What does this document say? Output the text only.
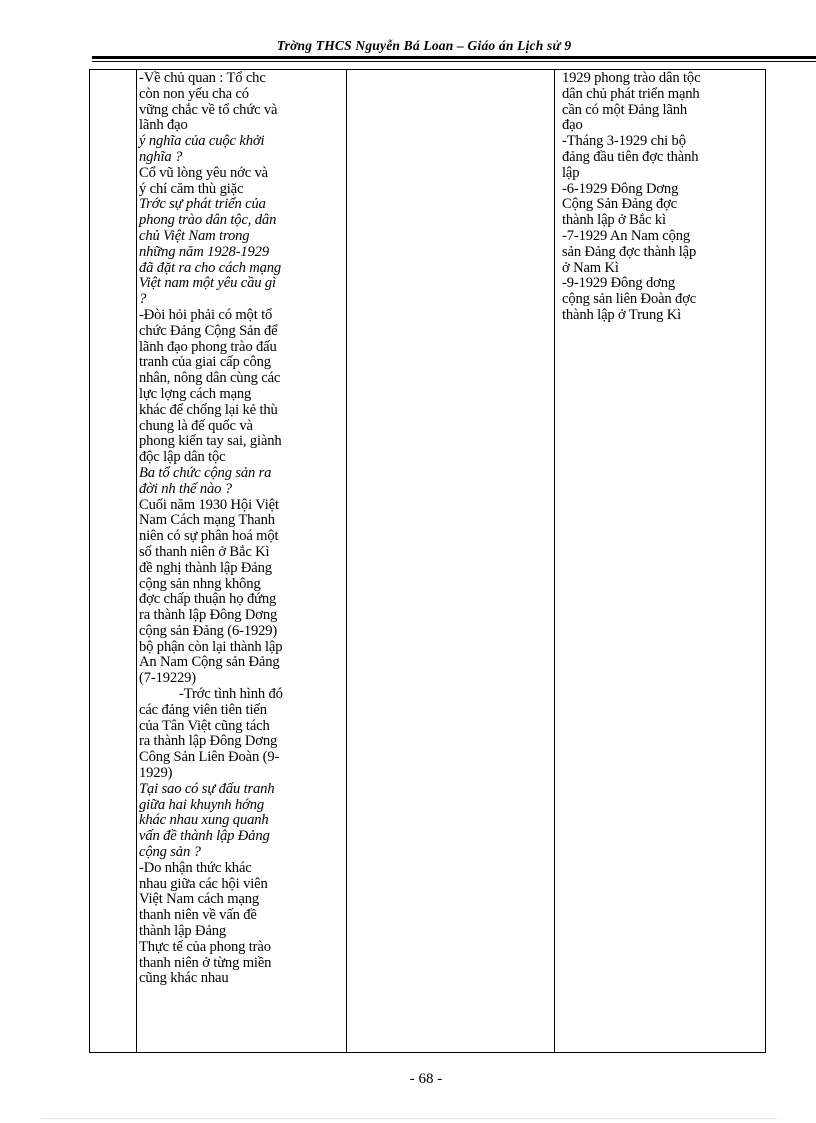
Trờng THCS Nguyễn Bá Loan – Giáo án Lịch sử 9
-Về chủ quan : Tổ chc
còn non yếu cha có
vững chắc về tổ chức và
lãnh đạo
ý nghĩa của cuộc khởi
nghĩa ?
Cổ vũ lòng yêu nớc và
ý chí căm thù giặc
Trớc sự phát triển của
phong trào dân tộc, dân
chủ Việt Nam trong
những năm 1928-1929
đã đặt ra cho cách mạng
Việt nam một yêu cầu gì
?
-Đòi hỏi phải có một tổ
chức Đảng Cộng Sản để
lãnh đạo phong trào đấu
tranh của giai cấp công
nhân, nông dân cùng các
lực lợng cách mạng
khác để chống lại kẻ thù
chung là đế quốc và
phong kiến tay sai, giành
độc lập dân tộc
Ba tổ chức cộng sản ra
đời nh thế nào ?
Cuối năm 1930 Hội Việt
Nam Cách mạng Thanh
niên có sự phân hoá một
số thanh niên ở Bắc Kì
đề nghị thành lập Đảng
cộng sản nhng không
đợc chấp thuận họ đứng
ra thành lập Đông Dơng
cộng sản Đảng (6-1929)
bộ phận còn lại thành lập
An Nam Cộng sản Đảng
(7-19229)
-Trớc tình hình đó
các đảng viên tiên tiến
của Tân Việt cũng tách
ra thành lập Đông Dơng
Công Sản Liên Đoàn (9-
1929)
Tại sao có sự đấu tranh
giữa hai khuynh hớng
khác nhau xung quanh
vấn đề thành lập Đảng
cộng sản ?
-Do nhận thức khác
nhau giữa các hội viên
Việt Nam cách mạng
thanh niên về vấn đề
thành lập Đảng
Thực tế của phong trào
thanh niên ở từng miền
cũng khác nhau
1929 phong trào dân tộc
dân chủ phát triển mạnh
cần có một Đảng lãnh
đạo
-Tháng 3-1929 chi bộ
đảng đầu tiên đợc thành
lập
-6-1929 Đông Dơng
Cộng Sản Đảng đợc
thành lập ở Bắc kì
-7-1929 An Nam cộng
sản Đảng đợc thành lập
ở Nam Kì
-9-1929 Đông dơng
cộng sản liên Đoàn đợc
thành lập ở Trung Kì
- 68 -
